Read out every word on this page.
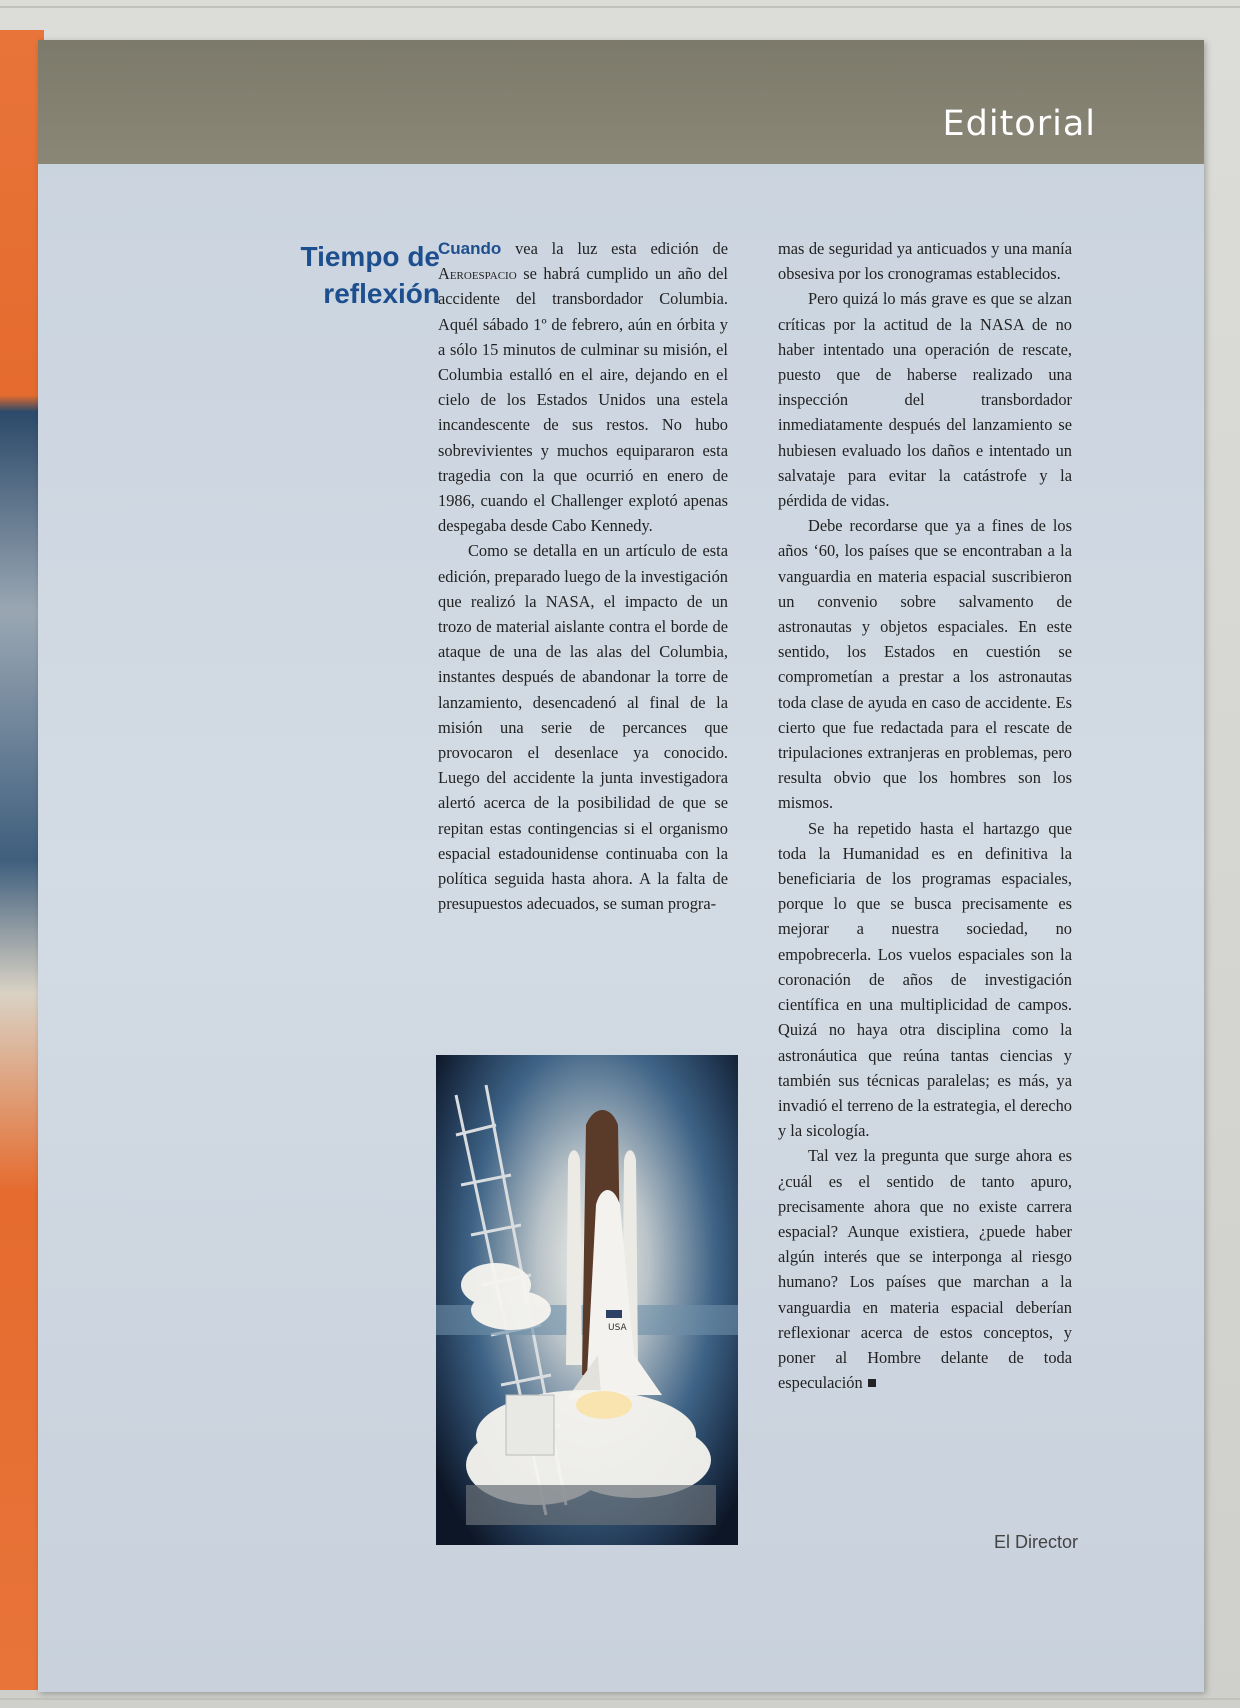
Editorial
Tiempo de
reflexión

Cuando vea la luz esta edición de Aeroespacio se habrá cumplido un año del accidente del transbordador Columbia. Aquél sábado 1º de febrero, aún en órbita y a sólo 15 minutos de culminar su misión, el Columbia estalló en el aire, dejando en el cielo de los Estados Unidos una estela incandescente de sus restos. No hubo sobrevivientes y muchos equipararon esta tragedia con la que ocurrió en enero de 1986, cuando el Challenger explotó apenas despegaba desde Cabo Kennedy.

Como se detalla en un artículo de esta edición, preparado luego de la investigación que realizó la NASA, el impacto de un trozo de material aislante contra el borde de ataque de una de las alas del Columbia, instantes después de abandonar la torre de lanzamiento, desencadenó al final de la misión una serie de percances que provocaron el desenlace ya conocido. Luego del accidente la junta investigadora alertó acerca de la posibilidad de que se repitan estas contingencias si el organismo espacial estadounidense continuaba con la política seguida hasta ahora. A la falta de presupuestos adecuados, se suman progra-

USA

mas de seguridad ya anticuados y una manía obsesiva por los cronogramas establecidos.

Pero quizá lo más grave es que se alzan críticas por la actitud de la NASA de no haber intentado una operación de rescate, puesto que de haberse realizado una inspección del transbordador inmediatamente después del lanzamiento se hubiesen evaluado los daños e intentado un salvataje para evitar la catástrofe y la pérdida de vidas.

Debe recordarse que ya a fines de los años ‘60, los países que se encontraban a la vanguardia en materia espacial suscribieron un convenio sobre salvamento de astronautas y objetos espaciales. En este sentido, los Estados en cuestión se comprometían a prestar a los astronautas toda clase de ayuda en caso de accidente. Es cierto que fue redactada para el rescate de tripulaciones extranjeras en problemas, pero resulta obvio que los hombres son los mismos.

Se ha repetido hasta el hartazgo que toda la Humanidad es en definitiva la beneficiaria de los programas espaciales, porque lo que se busca precisamente es mejorar a nuestra sociedad, no empobrecerla. Los vuelos espaciales son la coronación de años de investigación científica en una multiplicidad de campos. Quizá no haya otra disciplina como la astronáutica que reúna tantas ciencias y también sus técnicas paralelas; es más, ya invadió el terreno de la estrategia, el derecho y la sicología.

Tal vez la pregunta que surge ahora es ¿cuál es el sentido de tanto apuro, precisamente ahora que no existe carrera espacial? Aunque existiera, ¿puede haber algún interés que se interponga al riesgo humano? Los países que marchan a la vanguardia en materia espacial deberían reflexionar acerca de estos conceptos, y poner al Hombre delante de toda especulación

El Director
